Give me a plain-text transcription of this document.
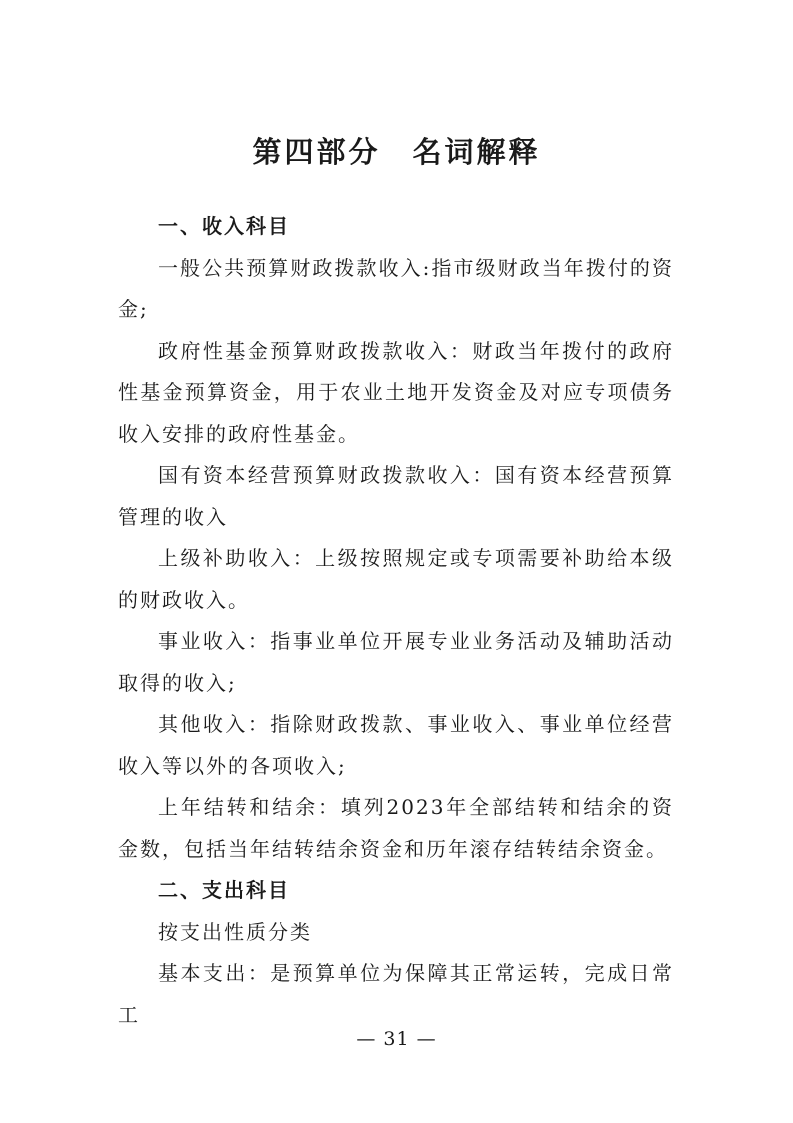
第四部分　名词解释

一、收入科目

一般公共预算财政拨款收入:指市级财政当年拨付的资金;

政府性基金预算财政拨款收入：财政当年拨付的政府性基金预算资金，用于农业土地开发资金及对应专项债务收入安排的政府性基金。

国有资本经营预算财政拨款收入：国有资本经营预算管理的收入

上级补助收入：上级按照规定或专项需要补助给本级的财政收入。

事业收入：指事业单位开展专业业务活动及辅助活动取得的收入;

其他收入：指除财政拨款、事业收入、事业单位经营收入等以外的各项收入;

上年结转和结余：填列2023年全部结转和结余的资金数，包括当年结转结余资金和历年滚存结转结余资金。

二、支出科目

按支出性质分类

基本支出：是预算单位为保障其正常运转，完成日常工

— 31 —
